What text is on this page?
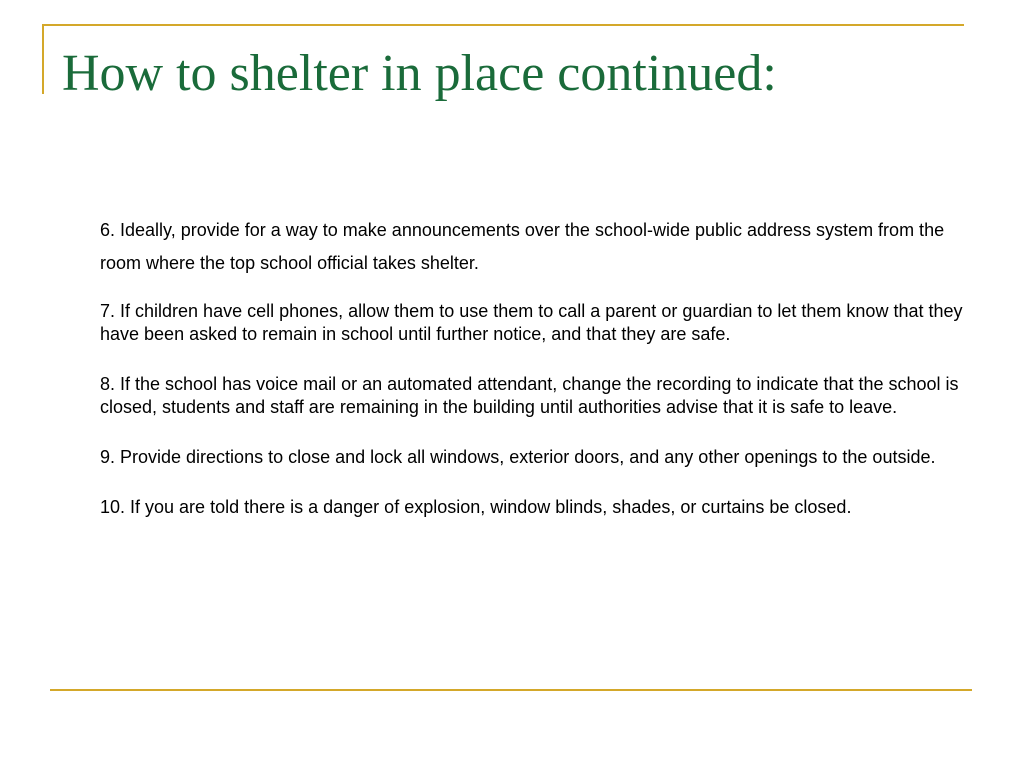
How to shelter in place continued:

6. Ideally, provide for a way to make announcements over the school-wide public address system from the room where the top school official takes shelter.

7. If children have cell phones, allow them to use them to call a parent or guardian to let them know that they have been asked to remain in school until further notice, and that they are safe.

8. If the school has voice mail or an automated attendant, change the recording to indicate that the school is closed, students and staff are remaining in the building until authorities advise that it is safe to leave.

9. Provide directions to close and lock all windows, exterior doors, and any other openings to the outside.

10. If you are told there is a danger of explosion, window blinds, shades, or curtains be closed.
